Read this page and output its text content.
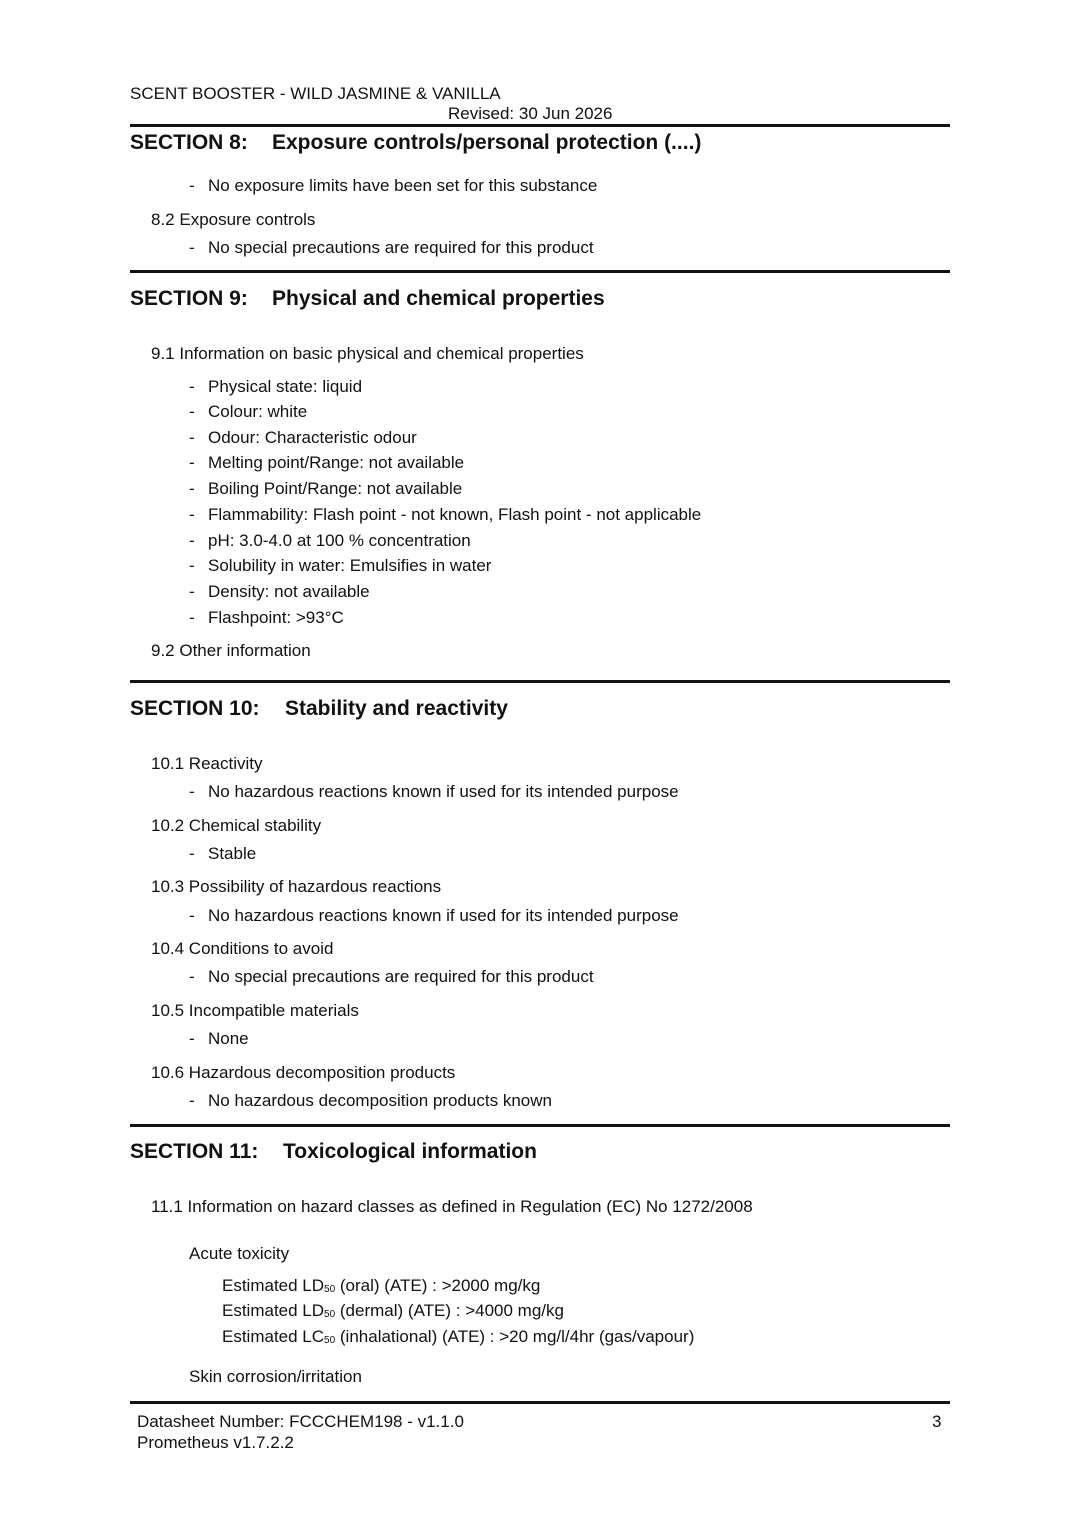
SCENT BOOSTER - WILD JASMINE & VANILLA
Revised: 30 Jun 2026
SECTION 8: Exposure controls/personal protection (....)
- No exposure limits have been set for this substance
8.2 Exposure controls
- No special precautions are required for this product
SECTION 9: Physical and chemical properties
9.1 Information on basic physical and chemical properties
- Physical state: liquid
- Colour: white
- Odour: Characteristic odour
- Melting point/Range: not available
- Boiling Point/Range: not available
- Flammability: Flash point - not known, Flash point - not applicable
- pH: 3.0-4.0 at 100 % concentration
- Solubility in water: Emulsifies in water
- Density: not available
- Flashpoint: >93°C
9.2 Other information
SECTION 10: Stability and reactivity
10.1 Reactivity
- No hazardous reactions known if used for its intended purpose
10.2 Chemical stability
- Stable
10.3 Possibility of hazardous reactions
- No hazardous reactions known if used for its intended purpose
10.4 Conditions to avoid
- No special precautions are required for this product
10.5 Incompatible materials
- None
10.6 Hazardous decomposition products
- No hazardous decomposition products known
SECTION 11: Toxicological information
11.1 Information on hazard classes as defined in Regulation (EC) No 1272/2008
Acute toxicity
Estimated $LD_{50}$ (oral) (ATE) : >2000 mg/kg
Estimated $LD_{50}$ (dermal) (ATE) : >4000 mg/kg
Estimated $LC_{50}$ (inhalational) (ATE) : >20 mg/l/4hr (gas/vapour)
Skin corrosion/irritation
Datasheet Number: FCCCHEM198 - v1.1.0
Prometheus v1.7.2.2
3
